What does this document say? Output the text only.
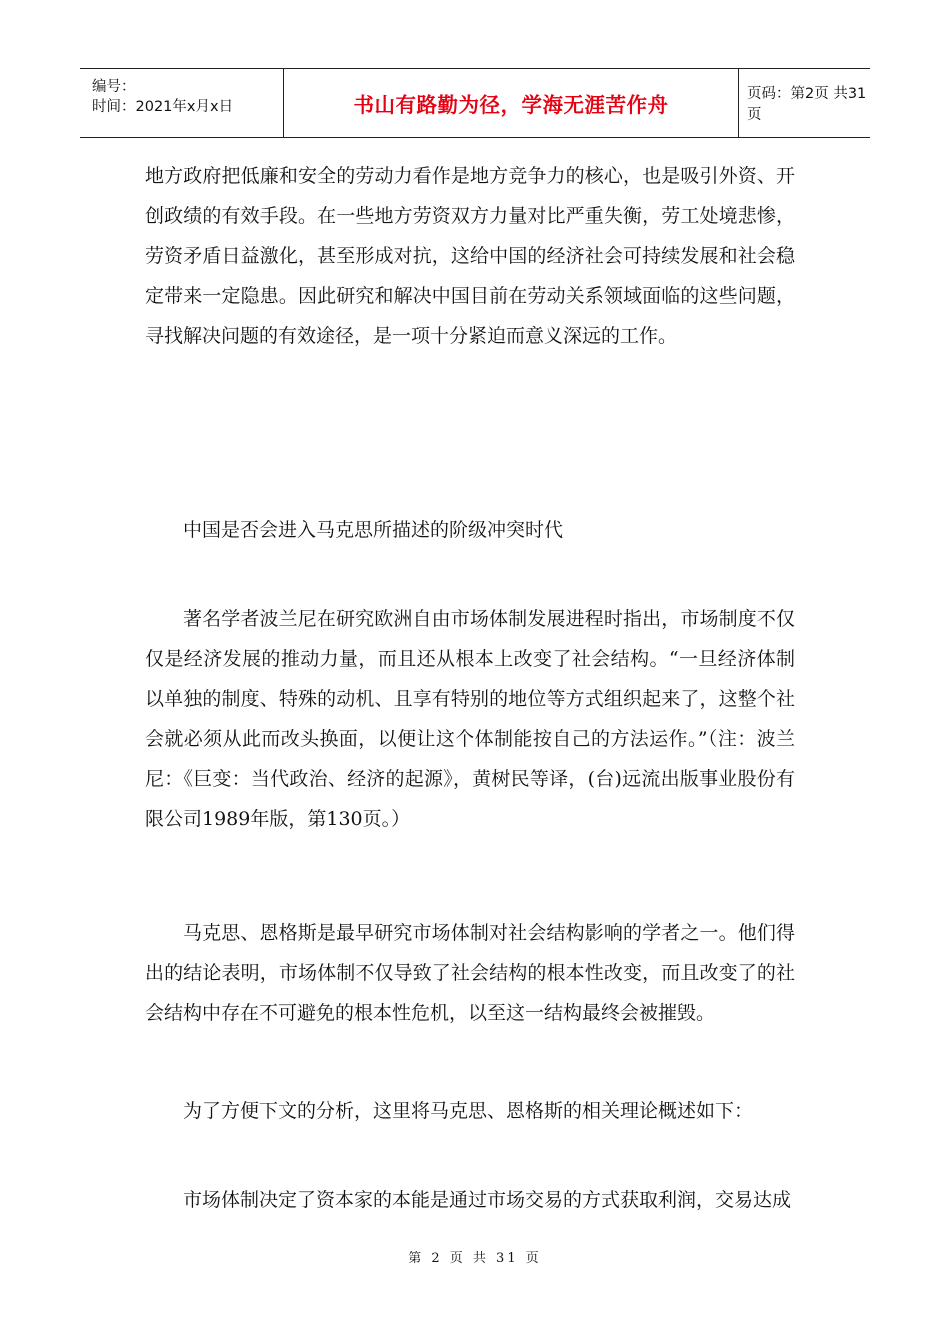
编号：
时间：2021年x月x日	书山有路勤为径，学海无涯苦作舟	页码：第2页 共31页

地方政府把低廉和安全的劳动力看作是地方竞争力的核心，也是吸引外资、开创政绩的有效手段。在一些地方劳资双方力量对比严重失衡，劳工处境悲惨，劳资矛盾日益激化，甚至形成对抗，这给中国的经济社会可持续发展和社会稳定带来一定隐患。因此研究和解决中国目前在劳动关系领域面临的这些问题，寻找解决问题的有效途径，是一项十分紧迫而意义深远的工作。

中国是否会进入马克思所描述的阶级冲突时代

著名学者波兰尼在研究欧洲自由市场体制发展进程时指出，市场制度不仅仅是经济发展的推动力量，而且还从根本上改变了社会结构。“一旦经济体制以单独的制度、特殊的动机、且享有特别的地位等方式组织起来了，这整个社会就必须从此而改头换面，以便让这个体制能按自己的方法运作。”（注：波兰尼：《巨变：当代政治、经济的起源》，黄树民等译，(台)远流出版事业股份有限公司1989年版，第130页。）

马克思、恩格斯是最早研究市场体制对社会结构影响的学者之一。他们得出的结论表明，市场体制不仅导致了社会结构的根本性改变，而且改变了的社会结构中存在不可避免的根本性危机，以至这一结构最终会被摧毁。

为了方便下文的分析，这里将马克思、恩格斯的相关理论概述如下：

市场体制决定了资本家的本能是通过市场交易的方式获取利润，交易达成

第 2 页 共 31 页
